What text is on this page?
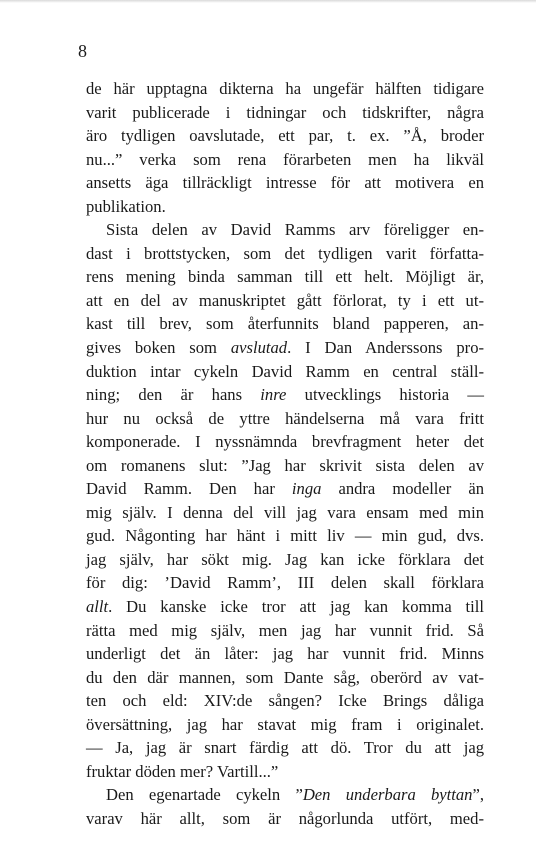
8
de här upptagna dikterna ha ungefär hälften tidigare
varit publicerade i tidningar och tidskrifter, några
äro tydligen oavslutade, ett par, t. ex. ”Å, broder
nu...” verka som rena förarbeten men ha likväl
ansetts äga tillräckligt intresse för att motivera en
publikation.
Sista delen av David Ramms arv föreligger en-
dast i brottstycken, som det tydligen varit författa-
rens mening binda samman till ett helt. Möjligt är,
att en del av manuskriptet gått förlorat, ty i ett ut-
kast till brev, som återfunnits bland papperen, an-
gives boken som avslutad. I Dan Anderssons pro-
duktion intar cykeln David Ramm en central ställ-
ning; den är hans inre utvecklings historia —
hur nu också de yttre händelserna må vara fritt
komponerade. I nyssnämnda brevfragment heter det
om romanens slut: ”Jag har skrivit sista delen av
David Ramm. Den har inga andra modeller än
mig själv. I denna del vill jag vara ensam med min
gud. Någonting har hänt i mitt liv — min gud, dvs.
jag själv, har sökt mig. Jag kan icke förklara det
för dig: ’David Ramm’, III delen skall förklara
allt. Du kanske icke tror att jag kan komma till
rätta med mig själv, men jag har vunnit frid. Så
underligt det än låter: jag har vunnit frid. Minns
du den där mannen, som Dante såg, oberörd av vat-
ten och eld: XIV:de sången? Icke Brings dåliga
översättning, jag har stavat mig fram i originalet.
— Ja, jag är snart färdig att dö. Tror du att jag
fruktar döden mer? Vartill...”
Den egenartade cykeln ”Den underbara byttan”,
varav här allt, som är någorlunda utfört, med-
